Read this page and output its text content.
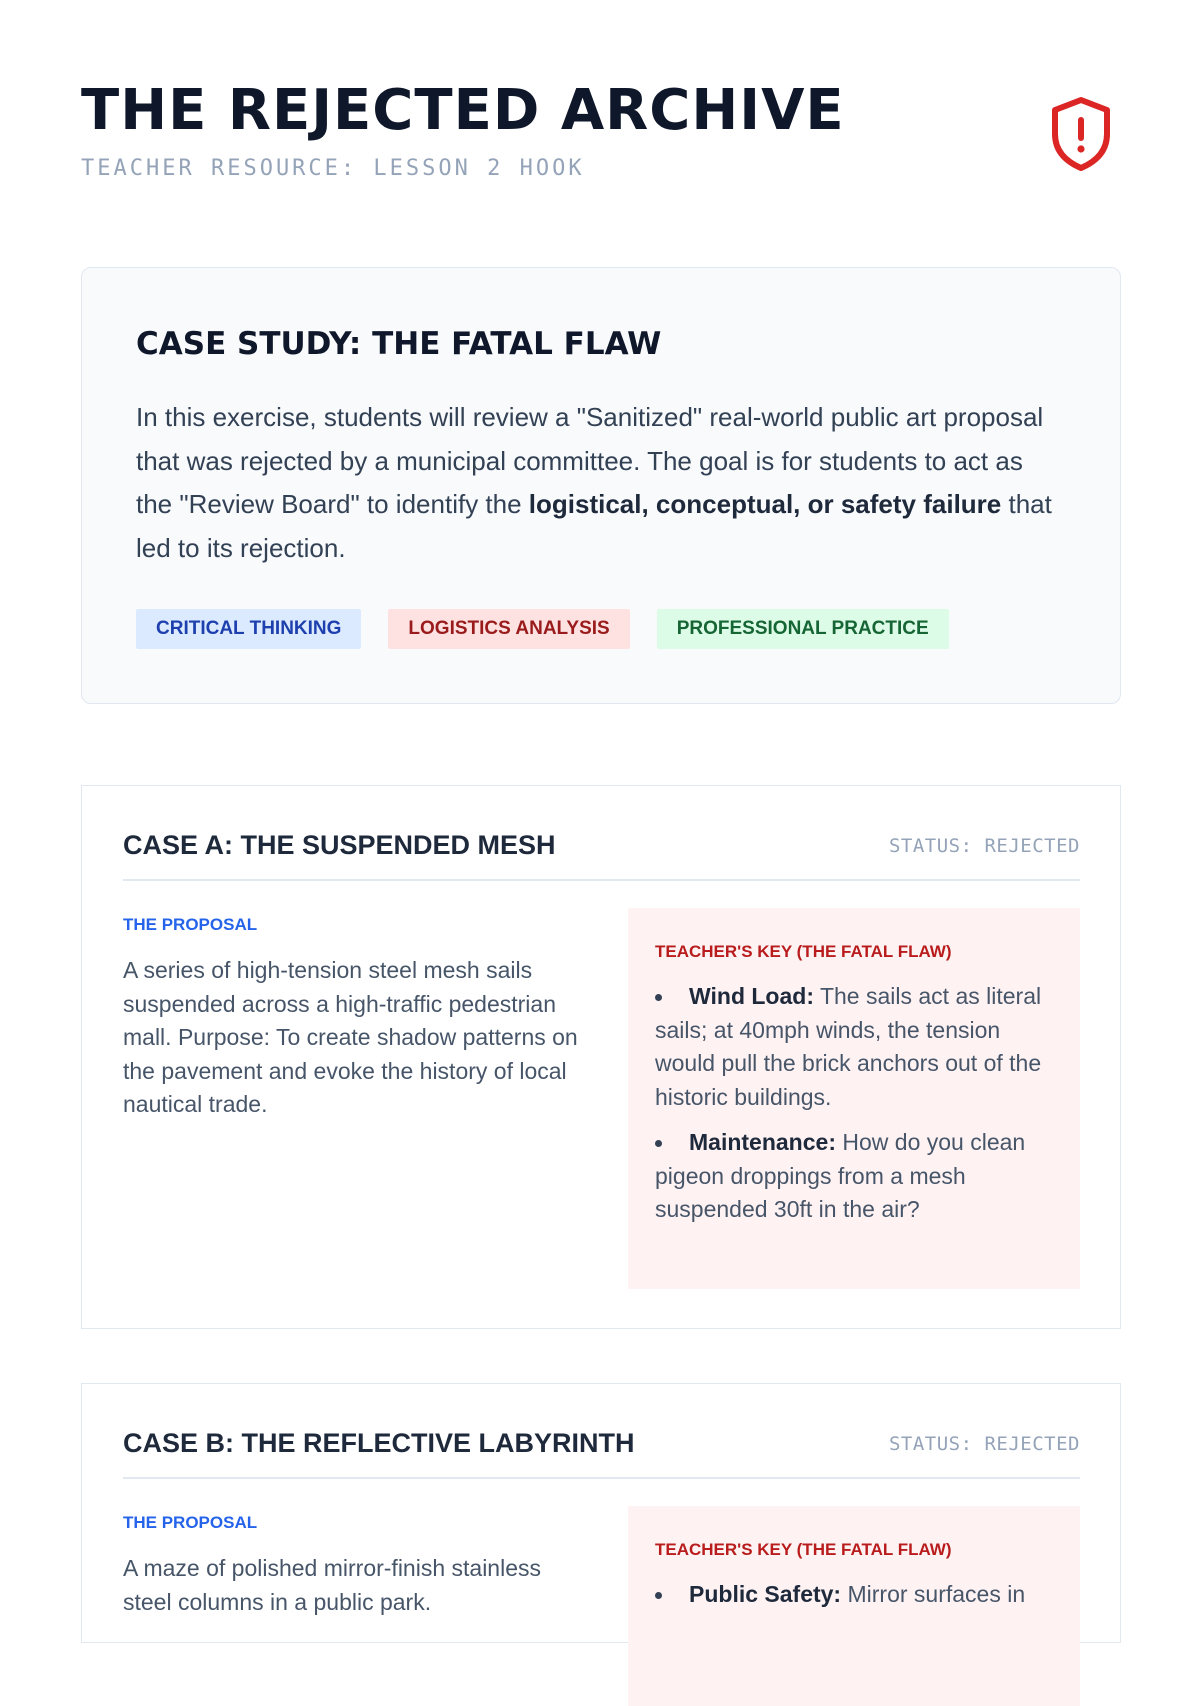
THE REJECTED ARCHIVE
TEACHER RESOURCE: LESSON 2 HOOK
CASE STUDY: THE FATAL FLAW

In this exercise, students will review a "Sanitized" real-world public art proposal that was rejected by a municipal committee. The goal is for students to act as the "Review Board" to identify the logistical, conceptual, or safety failure that led to its rejection.

CRITICAL THINKING	LOGISTICS ANALYSIS	PROFESSIONAL PRACTICE
CASE A: THE SUSPENDED MESH	STATUS: REJECTED
THE PROPOSAL

A series of high-tension steel mesh sails suspended across a high-traffic pedestrian mall. Purpose: To create shadow patterns on the pavement and evoke the history of local nautical trade.

TEACHER'S KEY (THE FATAL FLAW)
Wind Load: The sails act as literal sails; at 40mph winds, the tension would pull the brick anchors out of the historic buildings.
Maintenance: How do you clean pigeon droppings from a mesh suspended 30ft in the air?
CASE B: THE REFLECTIVE LABYRINTH	STATUS: REJECTED
THE PROPOSAL

A maze of polished mirror-finish stainless steel columns in a public park.

TEACHER'S KEY (THE FATAL FLAW)
Public Safety: Mirror surfaces in
